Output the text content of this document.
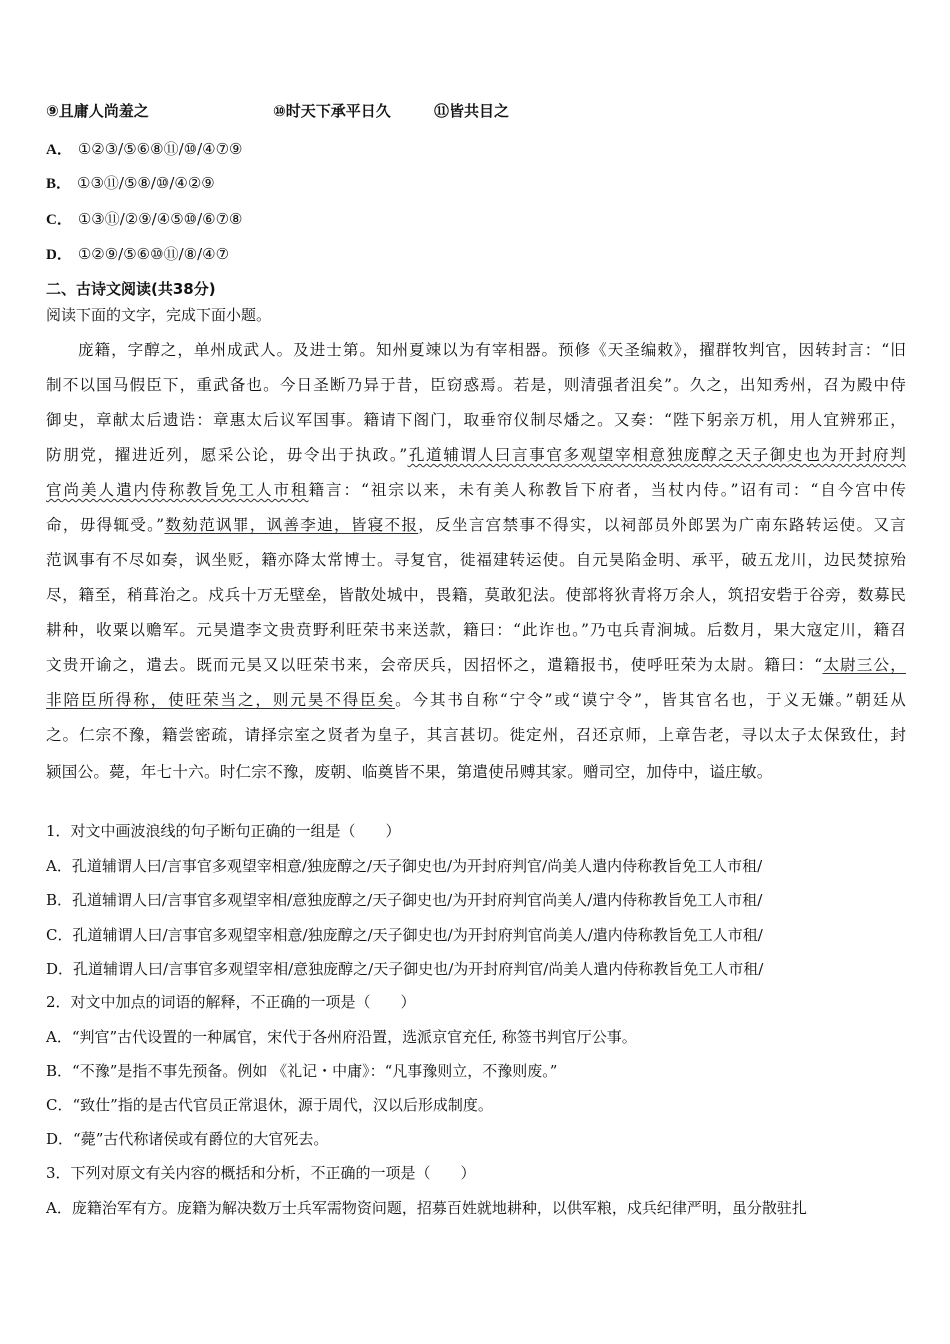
⑨且庸人尚羞之	⑩时天下承平日久	⑪皆共目之
A． ①②③/⑤⑥⑧⑪/⑩/④⑦⑨
B． ①③⑪/⑤⑧/⑩/④②⑨
C． ①③⑪/②⑨/④⑤⑩/⑥⑦⑧
D． ①②⑨/⑤⑥⑩⑪/⑧/④⑦
二、古诗文阅读(共38分)
阅读下面的文字，完成下面小题。
庞籍，字醇之，单州成武人。及进士第。知州夏竦以为有宰相器。预修《天圣编敕》，擢群牧判官，因转封言：“旧
制不以国马假臣下，重武备也。今日圣断乃异于昔，臣窃惑焉。若是，则清强者沮矣”。久之，出知秀州，召为殿中侍
御史，章献太后遗诰：章惠太后议军国事。籍请下阁门，取垂帘仪制尽燔之。又奏：“陛下躬亲万机，用人宜辨邪正，
防朋党，擢进近列，愿采公论，毋令出于执政。”孔道辅谓人曰言事官多观望宰相意独庞醇之天子御史也为开封府判
官尚美人遣内侍称教旨免工人市租籍言：“祖宗以来，未有美人称教旨下府者，当杖内侍。”诏有司：“自今宫中传
命，毋得辄受。”数劾范讽罪，讽善李迪，皆寝不报，反坐言宫禁事不得实，以祠部员外郎罢为广南东路转运使。又言
范讽事有不尽如奏，讽坐贬，籍亦降太常博士。寻复官，徙福建转运使。自元昊陷金明、承平，破五龙川，边民焚掠殆
尽，籍至，稍葺治之。戍兵十万无壁垒，皆散处城中，畏籍，莫敢犯法。使部将狄青将万余人，筑招安砦于谷旁，数募民
耕种，收粟以赡军。元昊遣李文贵贲野利旺荣书来送款，籍曰：“此诈也。”乃屯兵青涧城。后数月，果大寇定川，籍召
文贵开谕之，遣去。既而元昊又以旺荣书来，会帝厌兵，因招怀之，遣籍报书，使呼旺荣为太尉。籍曰：“太尉三公，
非陪臣所得称，使旺荣当之，则元昊不得臣矣。今其书自称“宁令”或“谟宁令”，皆其官名也，于义无嫌。”朝廷从
之。仁宗不豫，籍尝密疏，请择宗室之贤者为皇子，其言甚切。徙定州，召还京师，上章告老，寻以太子太保致仕，封
颍国公。薨，年七十六。时仁宗不豫，废朝、临奠皆不果，第遣使吊赙其家。赠司空，加侍中，谥庄敏。
1．对文中画波浪线的句子断句正确的一组是（　　）
A．孔道辅谓人曰/言事官多观望宰相意/独庞醇之/天子御史也/为开封府判官/尚美人遣内侍称教旨免工人市租/
B．孔道辅谓人曰/言事官多观望宰相/意独庞醇之/天子御史也/为开封府判官尚美人/遣内侍称教旨免工人市租/
C．孔道辅谓人曰/言事官多观望宰相意/独庞醇之/天子御史也/为开封府判官尚美人/遣内侍称教旨免工人市租/
D．孔道辅谓人曰/言事官多观望宰相/意独庞醇之/天子御史也/为开封府判官/尚美人遣内侍称教旨免工人市租/
2．对文中加点的词语的解释，不正确的一项是（　　）
A．“判官”古代设置的一种属官，宋代于各州府沿置，选派京官充任, 称签书判官厅公事。
B．“不豫”是指不事先预备。例如 《礼记・中庸》：“凡事豫则立，不豫则废。”
C．“致仕”指的是古代官员正常退休，源于周代，汉以后形成制度。
D．“薨”古代称诸侯或有爵位的大官死去。
3．下列对原文有关内容的概括和分析，不正确的一项是（　　）
A．庞籍治军有方。庞籍为解决数万士兵军需物资问题，招募百姓就地耕种，以供军粮，戍兵纪律严明，虽分散驻扎
